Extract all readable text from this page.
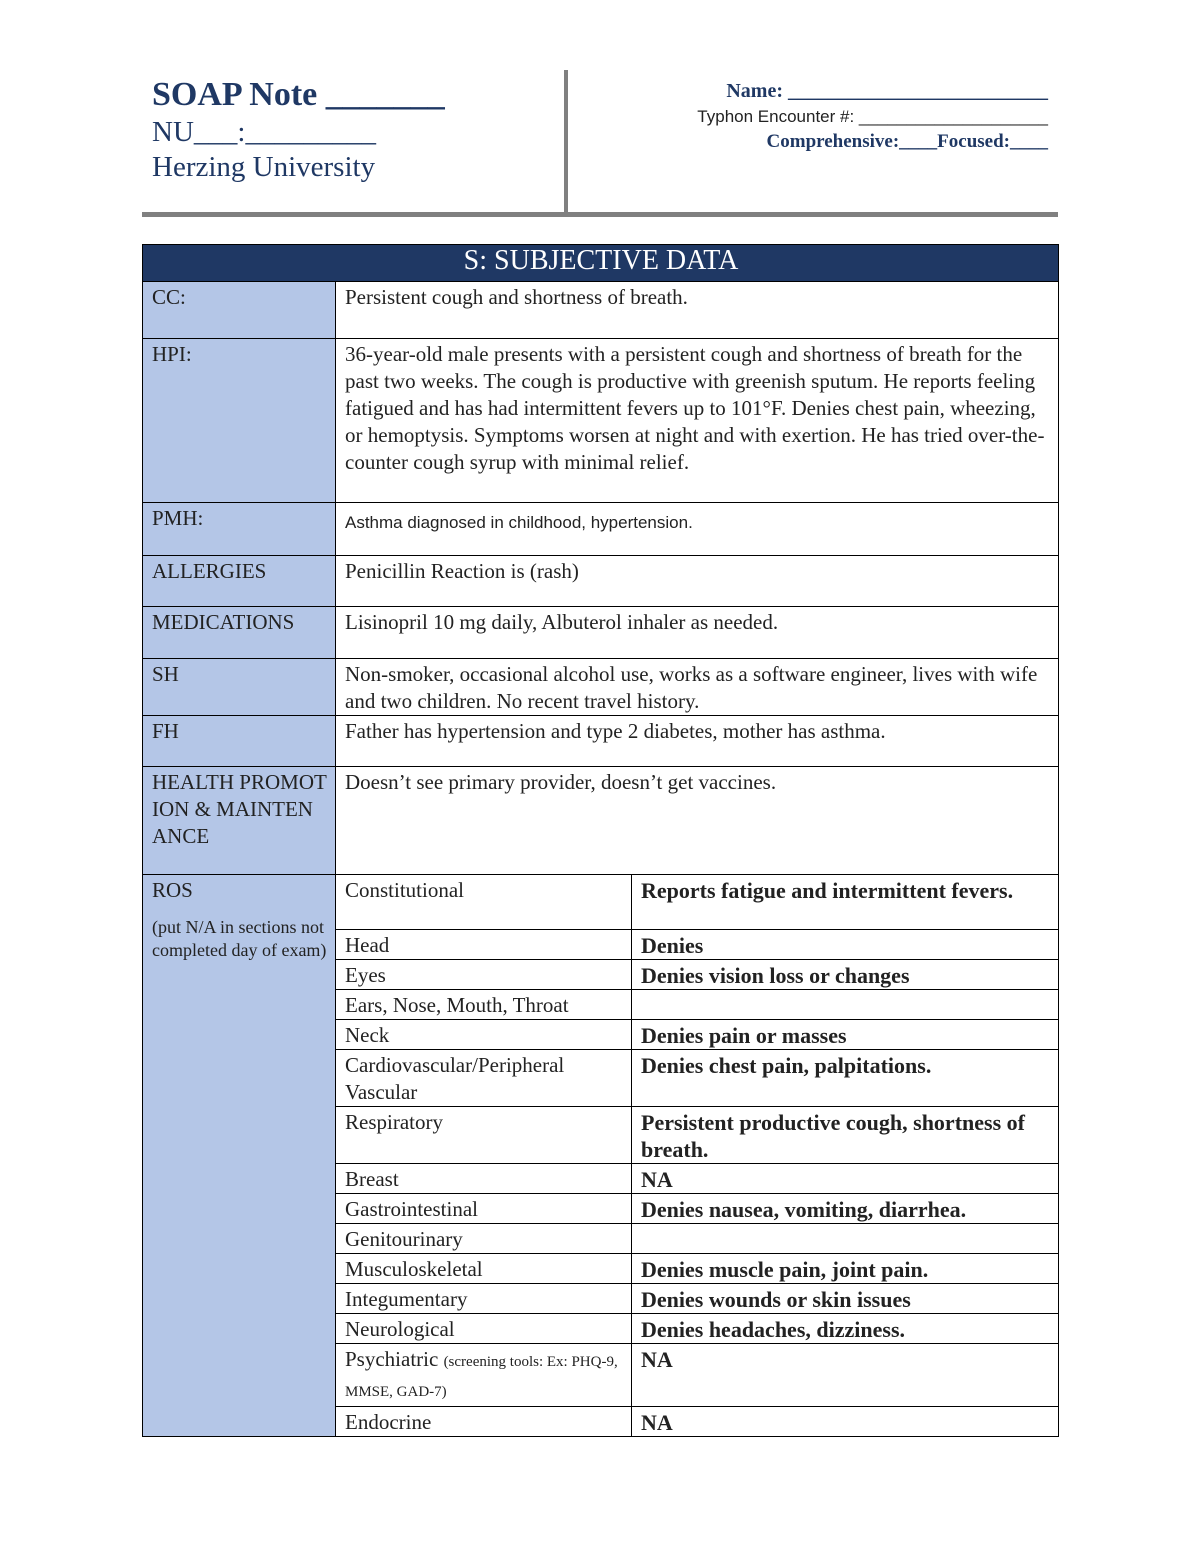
SOAP Note _______
NU___:_________
Herzing University
Name: __________________________
Typhon Encounter #: ____________________
Comprehensive:____Focused:____
S: SUBJECTIVE DATA		
CC:	Persistent cough and shortness of breath.	
HPI:	36-year-old male presents with a persistent cough and shortness of breath for the past two weeks. The cough is productive with greenish sputum. He reports feeling fatigued and has had intermittent fevers up to 101°F. Denies chest pain, wheezing, or hemoptysis. Symptoms worsen at night and with exertion. He has tried over-the-counter cough syrup with minimal relief.	
PMH:	Asthma diagnosed in childhood, hypertension.	
ALLERGIES	Penicillin Reaction is (rash)	
MEDICATIONS	Lisinopril 10 mg daily, Albuterol inhaler as needed.	
SH	Non-smoker, occasional alcohol use, works as a software engineer, lives with wife and two children. No recent travel history.	
FH	Father has hypertension and type 2 diabetes, mother has asthma.	
HEALTH PROMOTION & MAINTENANCE	Doesn’t see primary provider, doesn’t get vaccines.	

ROS
(put N/A in sections not completed day of exam)	Constitutional	Reports fatigue and intermittent fevers.
	Head	Denies
	Eyes	Denies vision loss or changes
	Ears, Nose, Mouth, Throat	
	Neck	Denies pain or masses
	Cardiovascular/Peripheral Vascular	Denies chest pain, palpitations.
	Respiratory	Persistent productive cough, shortness of breath.
	Breast	NA
	Gastrointestinal	Denies nausea, vomiting, diarrhea.
	Genitourinary	
	Musculoskeletal	Denies muscle pain, joint pain.
	Integumentary	Denies wounds or skin issues
	Neurological	Denies headaches, dizziness.
	Psychiatric (screening tools: Ex: PHQ-9, MMSE, GAD-7)	NA
	Endocrine	NA
